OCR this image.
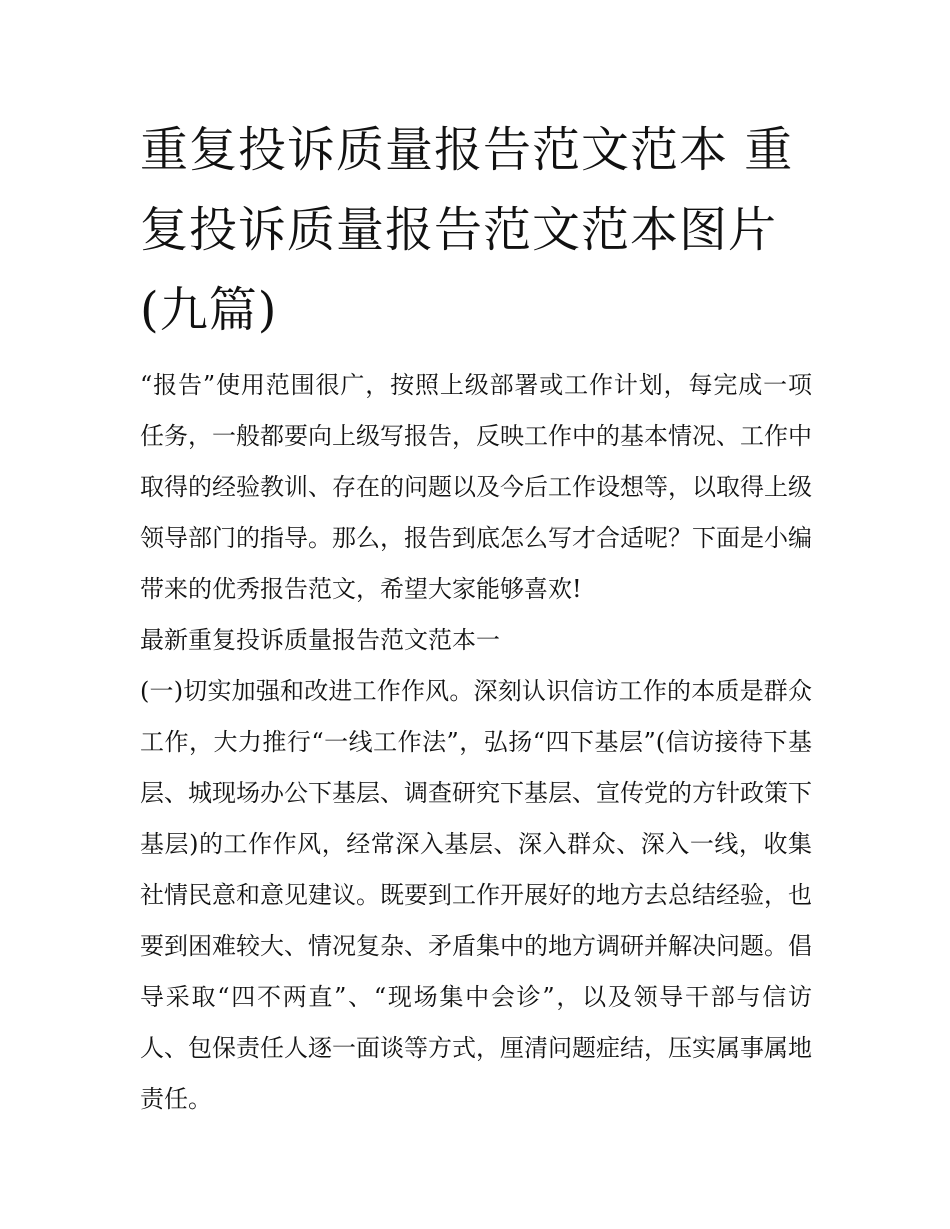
重复投诉质量报告范文范本 重复投诉质量报告范文范本图片(九篇)

“报告”使用范围很广，按照上级部署或工作计划，每完成一项任务，一般都要向上级写报告，反映工作中的基本情况、工作中取得的经验教训、存在的问题以及今后工作设想等，以取得上级领导部门的指导。那么，报告到底怎么写才合适呢？下面是小编带来的优秀报告范文，希望大家能够喜欢!

最新重复投诉质量报告范文范本一

(一)切实加强和改进工作作风。深刻认识信访工作的本质是群众工作，大力推行“一线工作法”，弘扬“四下基层”(信访接待下基层、城现场办公下基层、调查研究下基层、宣传党的方针政策下基层)的工作作风，经常深入基层、深入群众、深入一线，收集社情民意和意见建议。既要到工作开展好的地方去总结经验，也要到困难较大、情况复杂、矛盾集中的地方调研并解决问题。倡导采取“四不两直”、“现场集中会诊”，以及领导干部与信访人、包保责任人逐一面谈等方式，厘清问题症结，压实属事属地责任。
